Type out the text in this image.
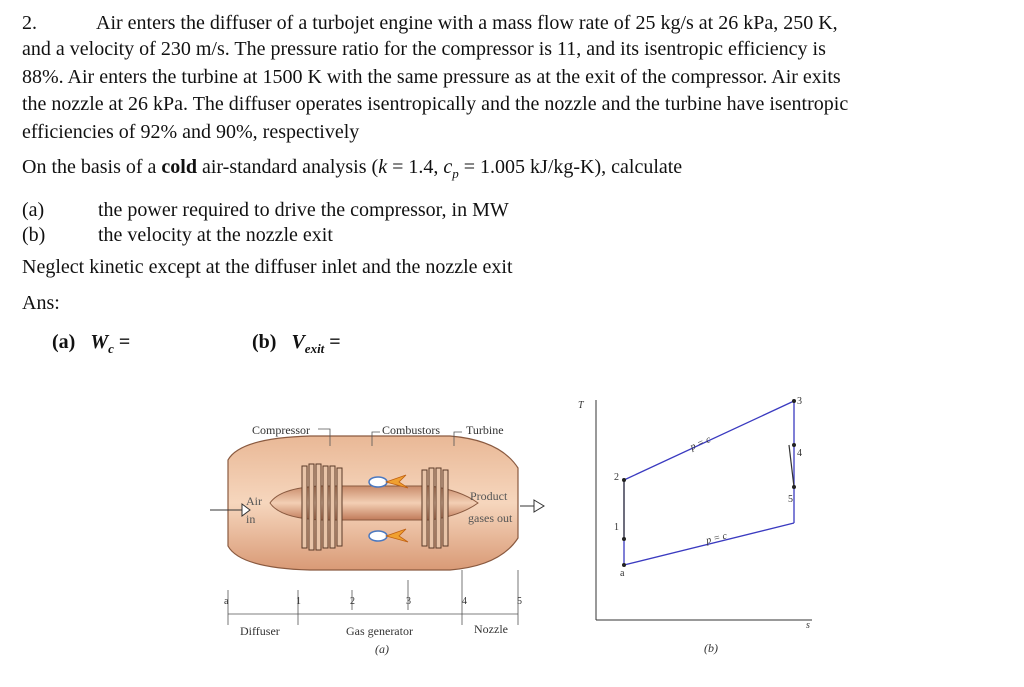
2.	Air enters the diffuser of a turbojet engine with a mass flow rate of 25 kg/s at 26 kPa, 250 K,
and a velocity of 230 m/s. The pressure ratio for the compressor is 11, and its isentropic efficiency is
88%. Air enters the turbine at 1500 K with the same pressure as at the exit of the compressor. Air exits
the nozzle at 26 kPa. The diffuser operates isentropically and the nozzle and the turbine have isentropic
efficiencies of 92% and 90%, respectively
On the basis of a cold air-standard analysis (k = 1.4, $c_p = 1.005$ kJ/kg-K), calculate
(a)	the power required to drive the compressor, in MW
(b)	the velocity at the nozzle exit
Neglect kinetic except at the diffuser inlet and the nozzle exit
Ans:
(a) $W_c$ =	(b) $V_{exit}$ =
Compressor	Combustors Turbine
Air
in
Product
gases out
a	1	2	3	4	5
Diffuser	Gas generator	Nozzle
(a)
T
s
p = c
p = c
a
1
2
3
4
5
(b)
